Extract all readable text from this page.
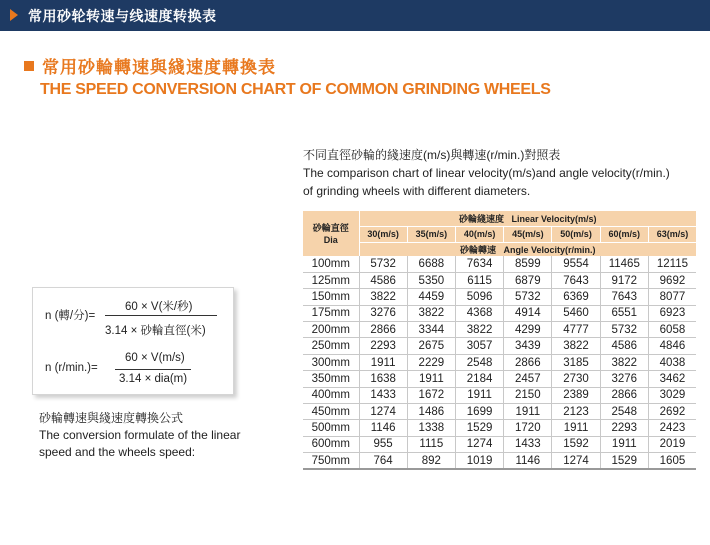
常用砂轮转速与线速度转换表
常用砂輪轉速與綫速度轉換表
THE SPEED CONVERSION CHART OF COMMON GRINDING WHEELS
不同直徑砂輪的綫速度(m/s)與轉速(r/min.)對照表
The comparison chart of linear velocity(m/s)and angle velocity(r/min.)
of grinding wheels with different diameters.
n (轉/分)=
60 × V(米/秒)
3.14 × 砂輪直徑(米)
n (r/min.)=
60 × V(m/s)
3.14 × dia(m)
砂輪轉速與綫速度轉換公式
The conversion formulate of the linear
speed and the wheels speed:
砂輪直徑
Dia	砂輪綫速度   Linear Velocity(m/s)						
	30(m/s)	35(m/s)	40(m/s)	45(m/s)	50(m/s)	60(m/s)	63(m/s)
	砂輪轉速   Angle Velocity(r/min.)						
100mm	5732	6688	7634	8599	9554	11465	12115
125mm	4586	5350	6115	6879	7643	9172	9692
150mm	3822	4459	5096	5732	6369	7643	8077
175mm	3276	3822	4368	4914	5460	6551	6923
200mm	2866	3344	3822	4299	4777	5732	6058
250mm	2293	2675	3057	3439	3822	4586	4846
300mm	1911	2229	2548	2866	3185	3822	4038
350mm	1638	1911	2184	2457	2730	3276	3462
400mm	1433	1672	1911	2150	2389	2866	3029
450mm	1274	1486	1699	1911	2123	2548	2692
500mm	1146	1338	1529	1720	1911	2293	2423
600mm	955	1115	1274	1433	1592	1911	2019
750mm	764	892	1019	1146	1274	1529	1605
